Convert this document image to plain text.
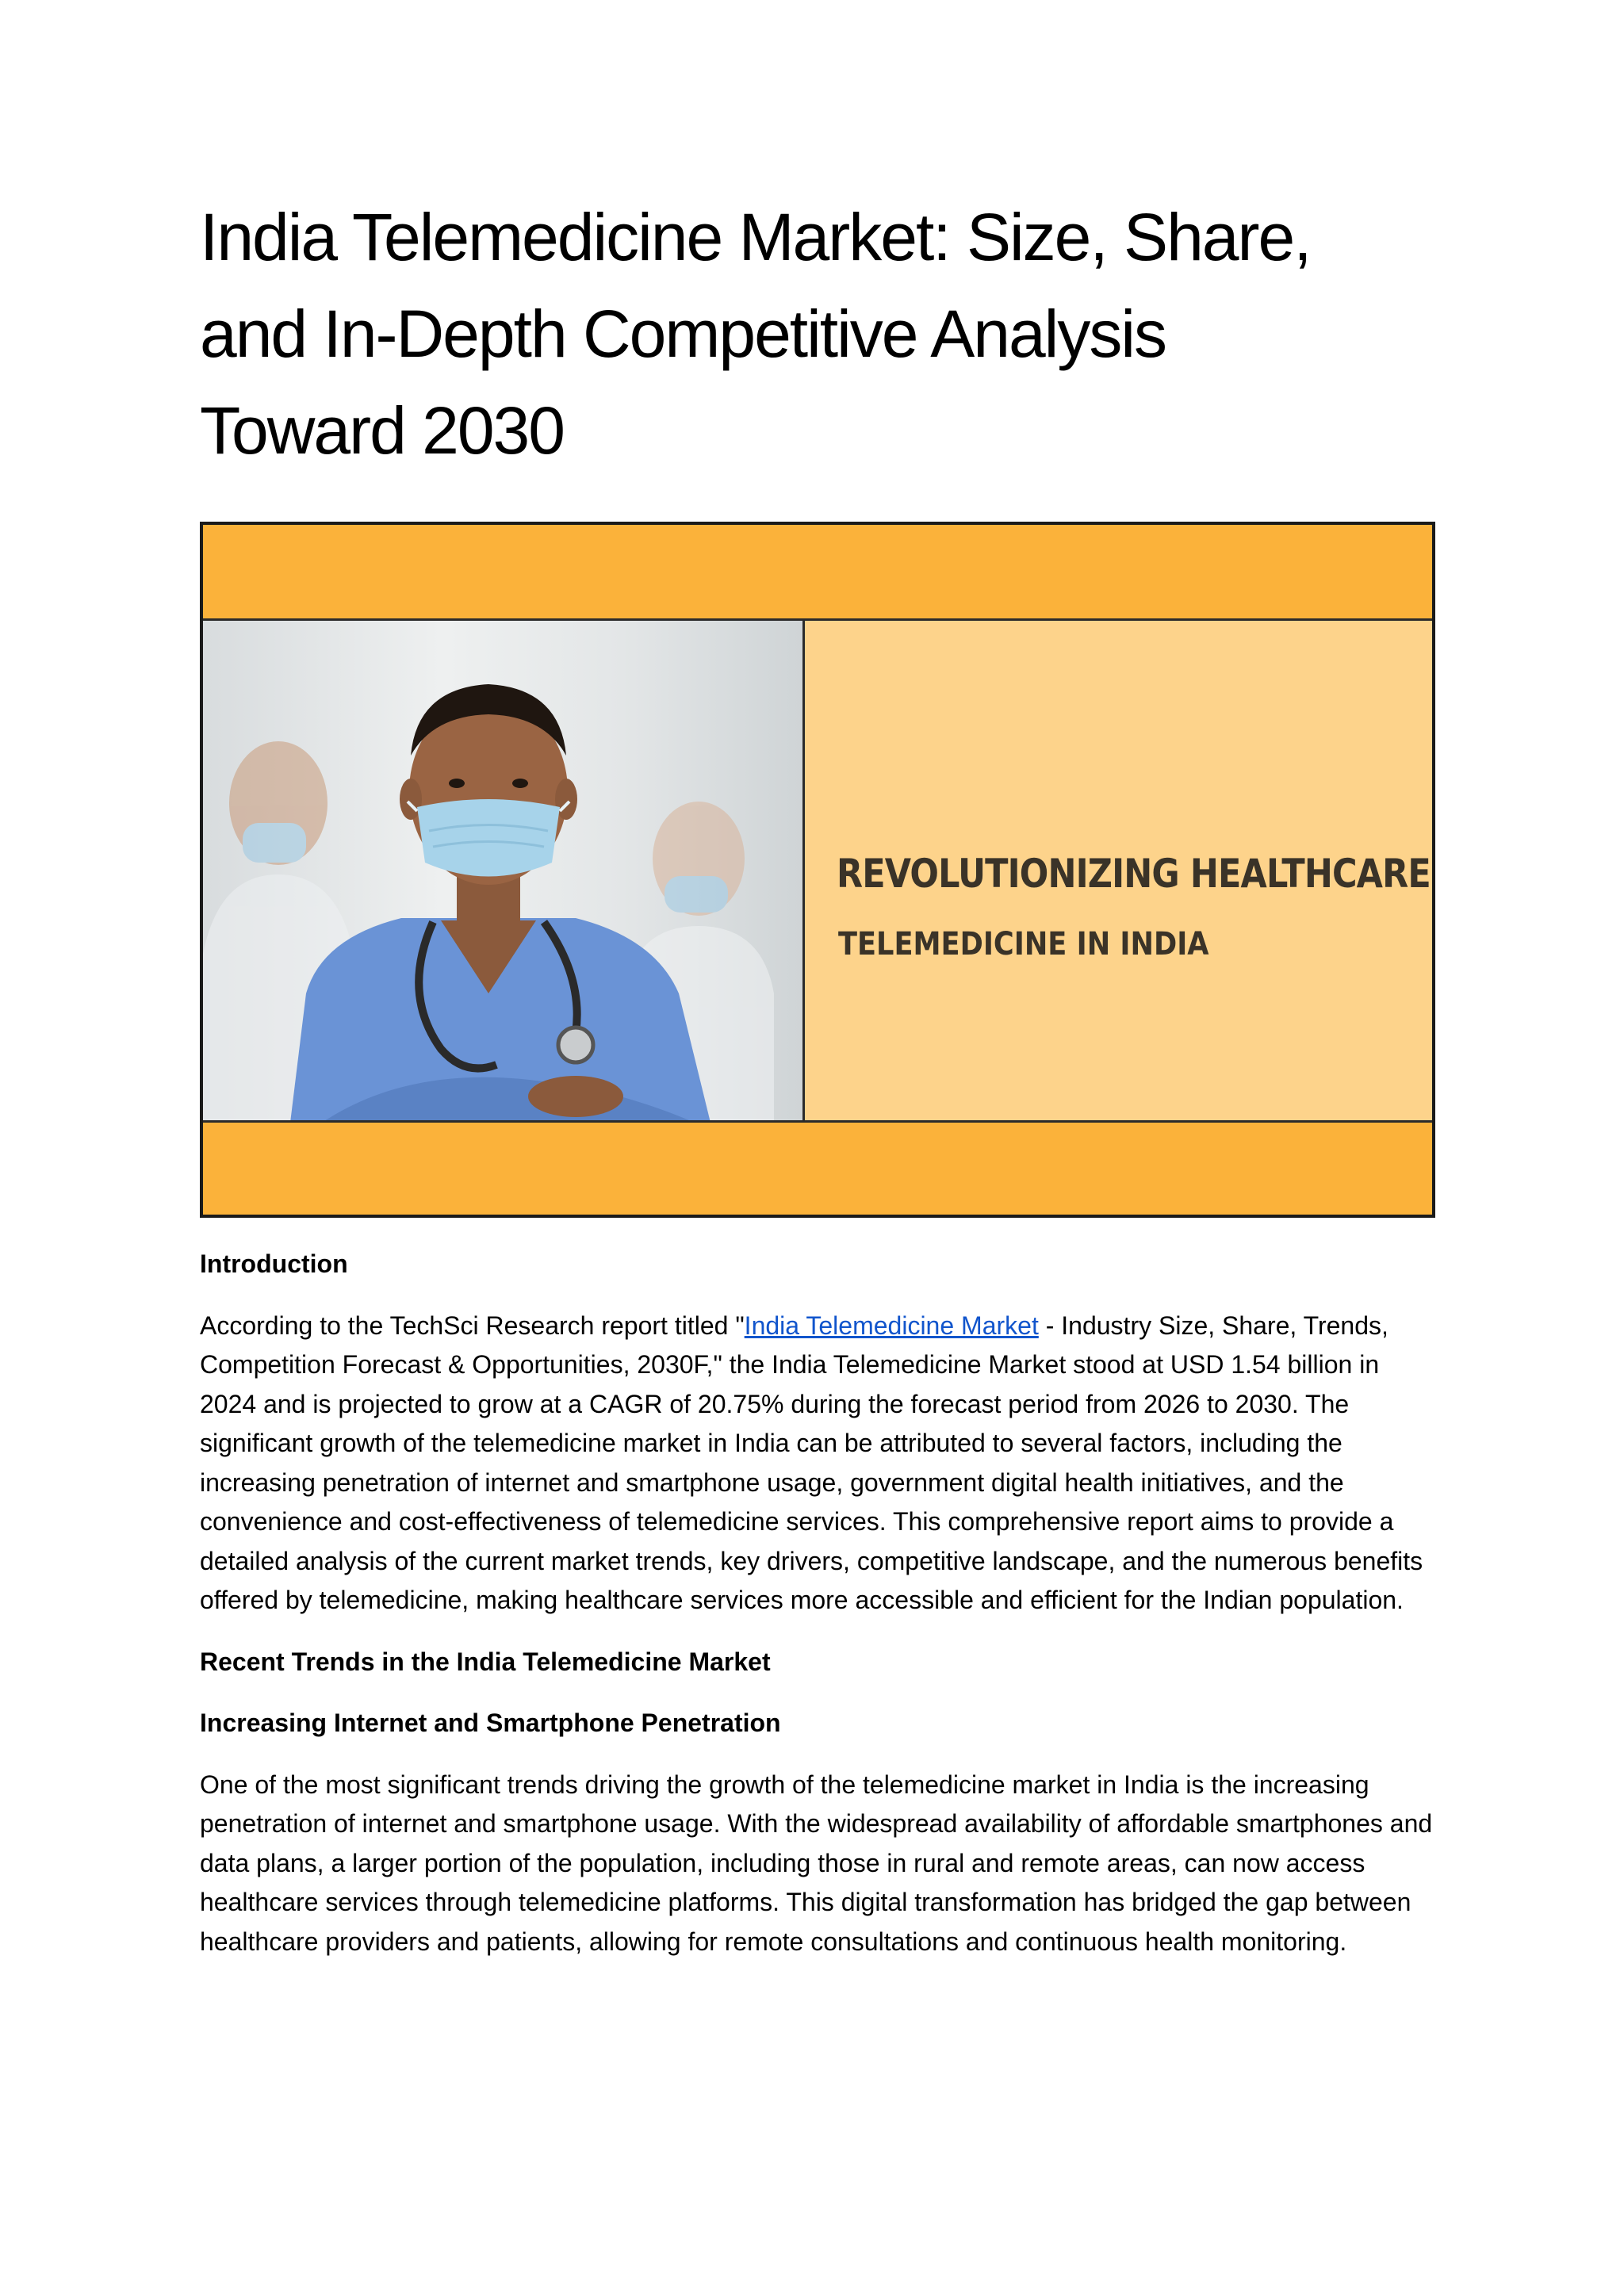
India Telemedicine Market: Size, Share,
and In-Depth Competitive Analysis
Toward 2030
REVOLUTIONIZING HEALTHCARE
TELEMEDICINE IN INDIA

Introduction

According to the TechSci Research report titled "India Telemedicine Market - Industry Size, Share, Trends, Competition Forecast & Opportunities, 2030F," the India Telemedicine Market stood at USD 1.54 billion in 2024 and is projected to grow at a CAGR of 20.75% during the forecast period from 2026 to 2030. The significant growth of the telemedicine market in India can be attributed to several factors, including the increasing penetration of internet and smartphone usage, government digital health initiatives, and the convenience and cost-effectiveness of telemedicine services. This comprehensive report aims to provide a detailed analysis of the current market trends, key drivers, competitive landscape, and the numerous benefits offered by telemedicine, making healthcare services more accessible and efficient for the Indian population.

Recent Trends in the India Telemedicine Market

Increasing Internet and Smartphone Penetration

One of the most significant trends driving the growth of the telemedicine market in India is the increasing penetration of internet and smartphone usage. With the widespread availability of affordable smartphones and data plans, a larger portion of the population, including those in rural and remote areas, can now access healthcare services through telemedicine platforms. This digital transformation has bridged the gap between healthcare providers and patients, allowing for remote consultations and continuous health monitoring.
